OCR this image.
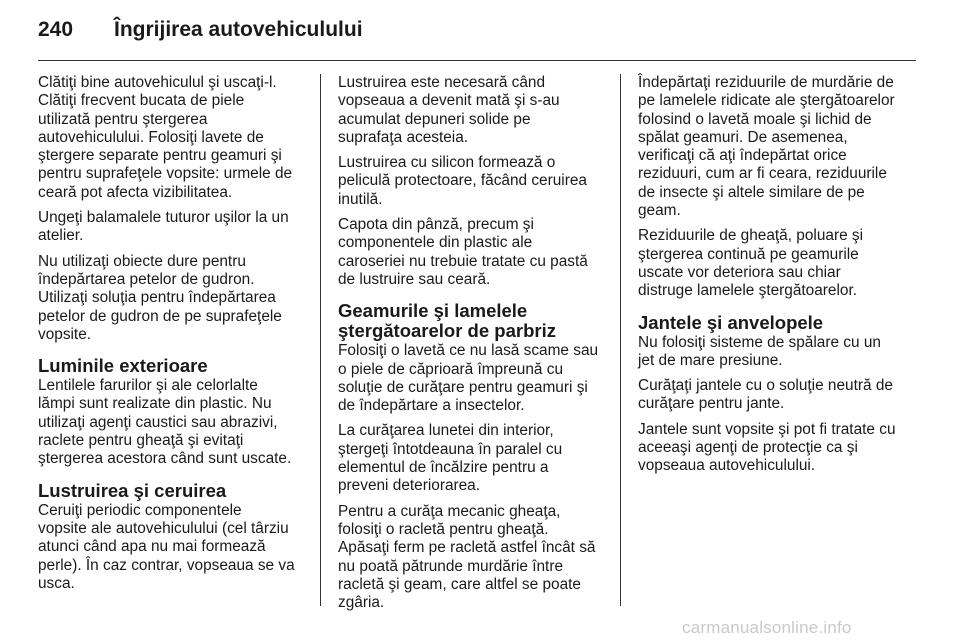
240 Îngrijirea autovehiculului

Clătiţi bine autovehiculul şi uscaţi-l.
Clătiţi frecvent bucata de piele
utilizată pentru ştergerea
autovehiculului. Folosiţi lavete de
ştergere separate pentru geamuri şi
pentru suprafeţele vopsite: urmele de
ceară pot afecta vizibilitatea.

Ungeţi balamalele tuturor uşilor la un
atelier.

Nu utilizaţi obiecte dure pentru
îndepărtarea petelor de gudron.
Utilizaţi soluţia pentru îndepărtarea
petelor de gudron de pe suprafeţele
vopsite.

Luminile exterioare

Lentilele farurilor şi ale celorlalte
lămpi sunt realizate din plastic. Nu
utilizaţi agenţi caustici sau abrazivi,
raclete pentru gheaţă şi evitaţi
ştergerea acestora când sunt uscate.

Lustruirea şi ceruirea

Ceruiţi periodic componentele
vopsite ale autovehiculului (cel târziu
atunci când apa nu mai formează
perle). În caz contrar, vopseaua se va
usca.

Lustruirea este necesară când
vopseaua a devenit mată şi s-au
acumulat depuneri solide pe
suprafaţa acesteia.

Lustruirea cu silicon formează o
peliculă protectoare, făcând ceruirea
inutilă.

Capota din pânză, precum şi
componentele din plastic ale
caroseriei nu trebuie tratate cu pastă
de lustruire sau ceară.

Geamurile şi lamelele
ştergătoarelor de parbriz

Folosiţi o lavetă ce nu lasă scame sau
o piele de căprioară împreună cu
soluţie de curăţare pentru geamuri şi
de îndepărtare a insectelor.

La curăţarea lunetei din interior,
ştergeţi întotdeauna în paralel cu
elementul de încălzire pentru a
preveni deteriorarea.

Pentru a curăţa mecanic gheaţa,
folosiţi o racletă pentru gheaţă.
Apăsaţi ferm pe racletă astfel încât să
nu poată pătrunde murdărie între
racletă şi geam, care altfel se poate
zgâria.

Îndepărtaţi reziduurile de murdărie de
pe lamelele ridicate ale ştergătoarelor
folosind o lavetă moale şi lichid de
spălat geamuri. De asemenea,
verificaţi că aţi îndepărtat orice
reziduuri, cum ar fi ceara, reziduurile
de insecte şi altele similare de pe
geam.

Reziduurile de gheaţă, poluare şi
ştergerea continuă pe geamurile
uscate vor deteriora sau chiar
distruge lamelele ştergătoarelor.

Jantele şi anvelopele

Nu folosiţi sisteme de spălare cu un
jet de mare presiune.

Curăţaţi jantele cu o soluţie neutră de
curăţare pentru jante.

Jantele sunt vopsite şi pot fi tratate cu
aceeaşi agenţi de protecţie ca şi
vopseaua autovehiculului.

carmanualsonline.info
